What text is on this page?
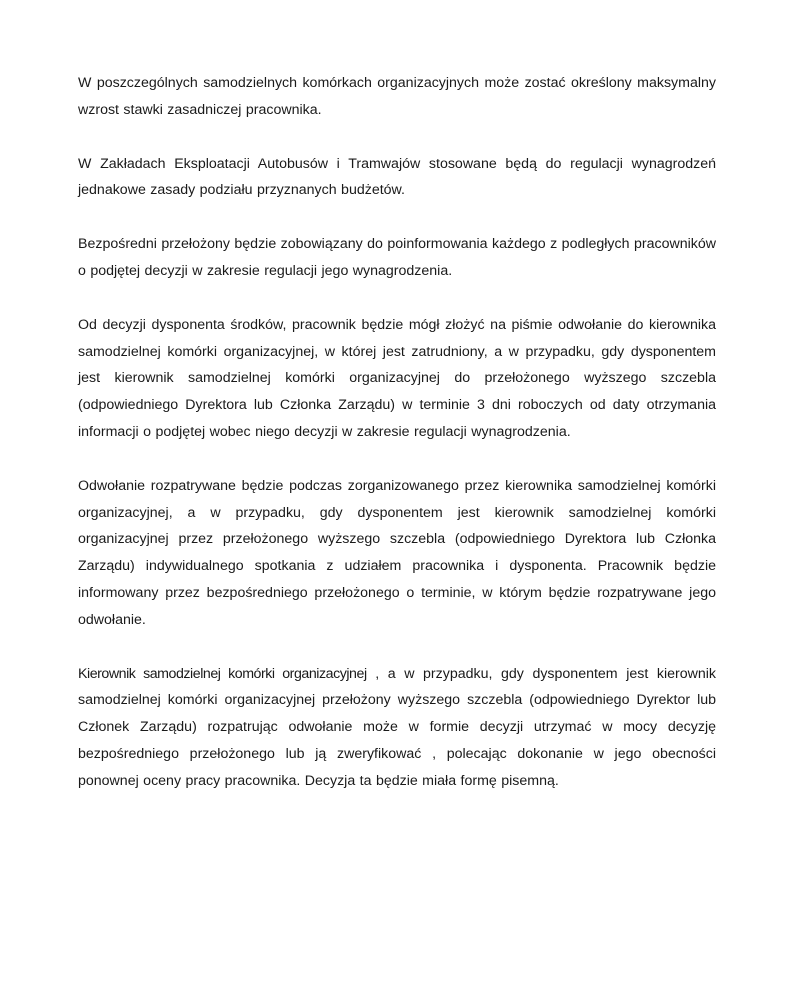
W poszczególnych samodzielnych komórkach organizacyjnych może zostać określony maksymalny wzrost stawki zasadniczej pracownika.

W Zakładach Eksploatacji Autobusów i Tramwajów stosowane będą do regulacji wynagrodzeń jednakowe zasady podziału przyznanych budżetów.

Bezpośredni przełożony będzie zobowiązany do poinformowania każdego z podległych pracowników o podjętej decyzji w zakresie regulacji jego wynagrodzenia.

Od decyzji dysponenta środków, pracownik będzie mógł złożyć na piśmie odwołanie do kierownika samodzielnej komórki organizacyjnej, w której jest zatrudniony, a w przypadku, gdy dysponentem jest kierownik samodzielnej komórki organizacyjnej do przełożonego wyższego szczebla (odpowiedniego Dyrektora lub Członka Zarządu) w terminie 3 dni roboczych od daty otrzymania informacji o podjętej wobec niego decyzji w zakresie regulacji wynagrodzenia.

Odwołanie rozpatrywane będzie podczas zorganizowanego przez kierownika samodzielnej komórki organizacyjnej, a w przypadku, gdy dysponentem jest kierownik samodzielnej komórki organizacyjnej przez przełożonego wyższego szczebla (odpowiedniego Dyrektora lub Członka Zarządu) indywidualnego spotkania z udziałem pracownika i dysponenta. Pracownik będzie informowany przez bezpośredniego przełożonego o terminie, w którym będzie rozpatrywane jego odwołanie.

Kierownik samodzielnej komórki organizacyjnej , a w przypadku, gdy dysponentem jest kierownik samodzielnej komórki organizacyjnej przełożony wyższego szczebla (odpowiedniego Dyrektor lub Członek Zarządu) rozpatrując odwołanie może w formie decyzji utrzymać w mocy decyzję bezpośredniego przełożonego lub ją zweryfikować , polecając dokonanie w jego obecności ponownej oceny pracy pracownika. Decyzja ta będzie miała formę pisemną.
